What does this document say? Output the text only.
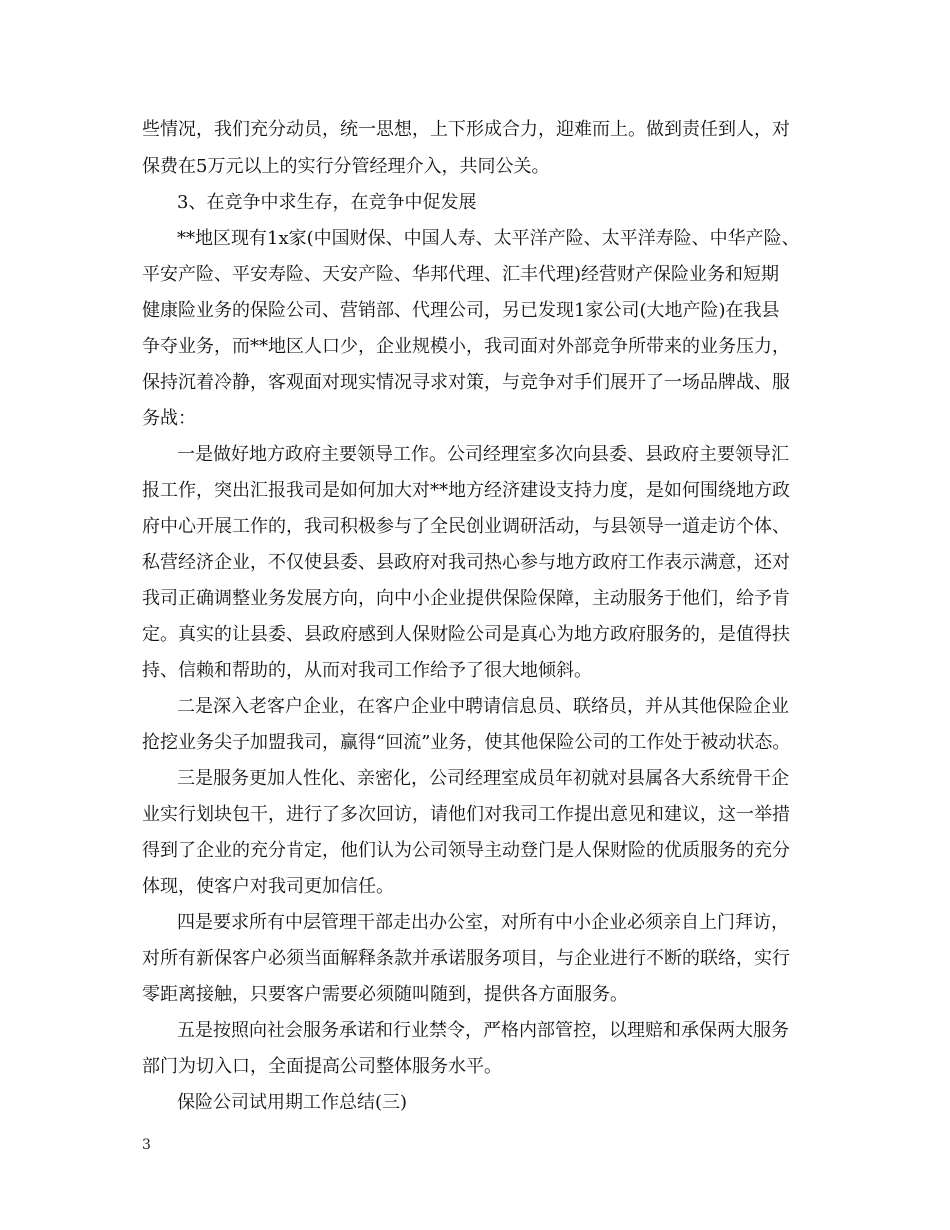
些情况，我们充分动员，统一思想，上下形成合力，迎难而上。做到责任到人，对
保费在5万元以上的实行分管经理介入，共同公关。
3、在竞争中求生存，在竞争中促发展
**地区现有1x家(中国财保、中国人寿、太平洋产险、太平洋寿险、中华产险、
平安产险、平安寿险、天安产险、华邦代理、汇丰代理)经营财产保险业务和短期
健康险业务的保险公司、营销部、代理公司，另已发现1家公司(大地产险)在我县
争夺业务，而**地区人口少，企业规模小，我司面对外部竞争所带来的业务压力，
保持沉着冷静，客观面对现实情况寻求对策，与竞争对手们展开了一场品牌战、服
务战：
一是做好地方政府主要领导工作。公司经理室多次向县委、县政府主要领导汇
报工作，突出汇报我司是如何加大对**地方经济建设支持力度，是如何围绕地方政
府中心开展工作的，我司积极参与了全民创业调研活动，与县领导一道走访个体、
私营经济企业，不仅使县委、县政府对我司热心参与地方政府工作表示满意，还对
我司正确调整业务发展方向，向中小企业提供保险保障，主动服务于他们，给予肯
定。真实的让县委、县政府感到人保财险公司是真心为地方政府服务的，是值得扶
持、信赖和帮助的，从而对我司工作给予了很大地倾斜。
二是深入老客户企业，在客户企业中聘请信息员、联络员，并从其他保险企业
抢挖业务尖子加盟我司，赢得“回流”业务，使其他保险公司的工作处于被动状态。
三是服务更加人性化、亲密化，公司经理室成员年初就对县属各大系统骨干企
业实行划块包干，进行了多次回访，请他们对我司工作提出意见和建议，这一举措
得到了企业的充分肯定，他们认为公司领导主动登门是人保财险的优质服务的充分
体现，使客户对我司更加信任。
四是要求所有中层管理干部走出办公室，对所有中小企业必须亲自上门拜访，
对所有新保客户必须当面解释条款并承诺服务项目，与企业进行不断的联络，实行
零距离接触，只要客户需要必须随叫随到，提供各方面服务。
五是按照向社会服务承诺和行业禁令，严格内部管控，以理赔和承保两大服务
部门为切入口，全面提高公司整体服务水平。
保险公司试用期工作总结(三)
3
